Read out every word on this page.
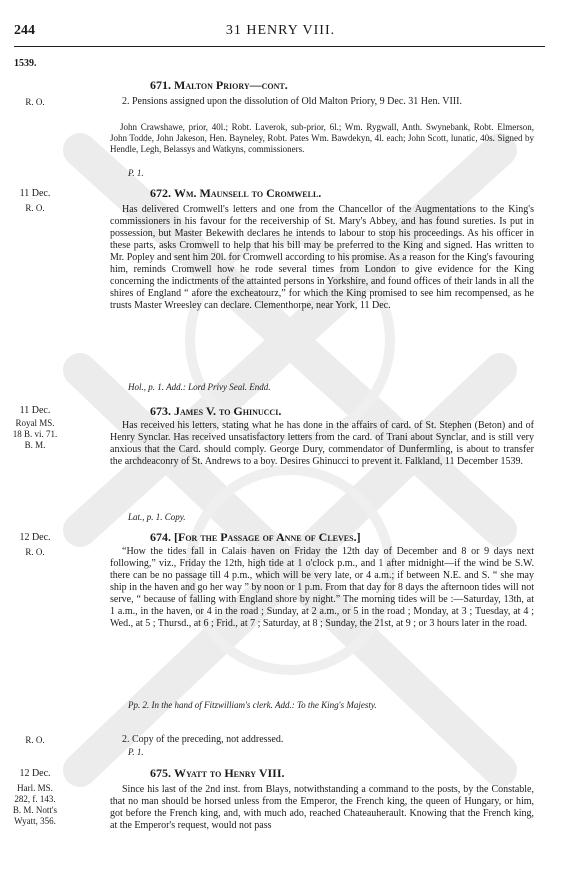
244	31 HENRY VIII.
1539.
671. Malton Priory—cont.
R. O.	2. Pensions assigned upon the dissolution of Old Malton Priory, 9 Dec. 31 Hen. VIII.

John Crawshawe, prior, 40l.; Robt. Laverok, sub-prior, 6l.; Wm. Rygwall, Anth. Swynebank, Robt. Elmerson, John Todde, John Jakeson, Hen. Bayneley, Robt. Pates Wm. Bawdekyn, 4l. each; John Scott, lunatic, 40s. Signed by Hendle, Legh, Belassys and Watkyns, commissioners.

P. 1.
11 Dec.	672. Wm. Maunsell to Cromwell.
R. O.	Has delivered Cromwell's letters and one from the Chancellor of the Augmentations to the King's commissioners in his favour for the receivership of St. Mary's Abbey, and has found sureties. Is put in possession, but Master Bekewith declares he intends to labour to stop his proceedings. As his officer in these parts, asks Cromwell to help that his bill may be preferred to the King and signed. Has written to Mr. Popley and sent him 20l. for Cromwell according to his promise. As a reason for the King's favouring him, reminds Cromwell how he rode several times from London to give evidence for the King concerning the indictments of the attainted persons in Yorkshire, and found offices of their lands in all the shires of England “ afore the excheatourz,” for which the King promised to see him recompensed, as he trusts Master Wreesley can declare. Clementhorpe, near York, 11 Dec.

Hol., p. 1. Add.: Lord Privy Seal. Endd.
11 Dec.	673. James V. to Ghinucci.
Royal MS. 18 B. vi. 71. B. M.

Has received his letters, stating what he has done in the affairs of card. of St. Stephen (Beton) and of Henry Synclar. Has received unsatisfactory letters from the card. of Trani about Synclar, and is still very anxious that the Card. should comply. George Dury, commendator of Dunfermling, is about to transfer the archdeaconry of St. Andrews to a boy. Desires Ghinucci to prevent it. Falkland, 11 December 1539.

Lat., p. 1. Copy.
12 Dec.	674. [For the Passage of Anne of Cleves.]
R. O.	“How the tides fall in Calais haven on Friday the 12th day of December and 8 or 9 days next following,” viz., Friday the 12th, high tide at 1 o'clock p.m., and 1 after midnight—if the wind be S.W. there can be no passage till 4 p.m., which will be very late, or 4 a.m.; if between N.E. and S. “ she may ship in the haven and go her way ” by noon or 1 p.m. From that day for 8 days the afternoon tides will not serve, “ because of falling with England shore by night.” The morning tides will be :—Saturday, 13th, at 1 a.m., in the haven, or 4 in the road ; Sunday, at 2 a.m., or 5 in the road ; Monday, at 3 ; Tuesday, at 4 ; Wed., at 5 ; Thursd., at 6 ; Frid., at 7 ; Saturday, at 8 ; Sunday, the 21st, at 9 ; or 3 hours later in the road.

Pp. 2. In the hand of Fitzwilliam's clerk. Add.: To the King's Majesty.
R. O.	2. Copy of the preceding, not addressed.

P. 1.
12 Dec.	675. Wyatt to Henry VIII.
Harl. MS. 282, f. 143. B. M. Nott's Wyatt, 356.

Since his last of the 2nd inst. from Blays, notwithstanding a command to the posts, by the Constable, that no man should be horsed unless from the Emperor, the French king, the queen of Hungary, or him, got before the French king, and, with much ado, reached Chateauherault. Knowing that the French king, at the Emperor's request, would not pass
